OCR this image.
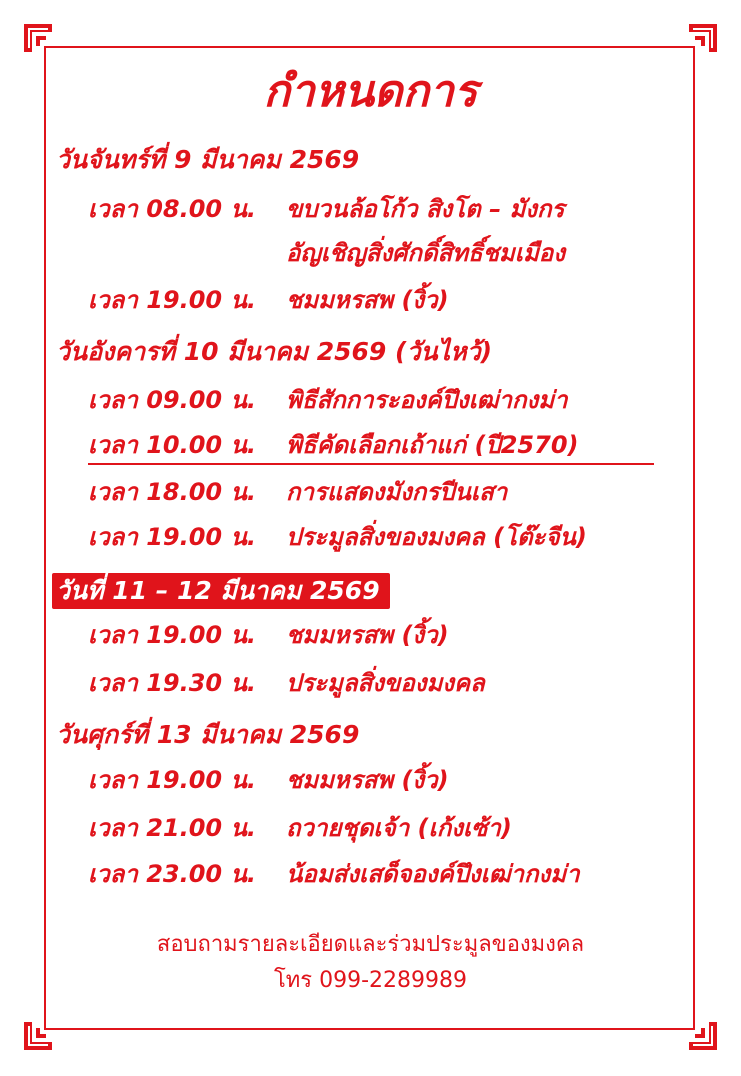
กำหนดการ
วันจันทร์ที่ 9 มีนาคม 2569
เวลา 08.00 น. ขบวนล้อโก้ว สิงโต – มังกร
อัญเชิญสิ่งศักดิ์สิทธิ์ชมเมือง
เวลา 19.00 น. ชมมหรสพ (งิ้ว)
วันอังคารที่ 10 มีนาคม 2569 (วันไหว้)
เวลา 09.00 น. พิธีสักการะองค์ปึงเฒ่ากงม่า
เวลา 10.00 น. พิธีคัดเลือกเถ้าแก่ (ปี2570)
เวลา 18.00 น. การแสดงมังกรปีนเสา
เวลา 19.00 น. ประมูลสิ่งของมงคล (โต๊ะจีน)
วันที่ 11 – 12 มีนาคม 2569
เวลา 19.00 น. ชมมหรสพ (งิ้ว)
เวลา 19.30 น. ประมูลสิ่งของมงคล
วันศุกร์ที่ 13 มีนาคม 2569
เวลา 19.00 น. ชมมหรสพ (งิ้ว)
เวลา 21.00 น. ถวายชุดเจ้า (เก้งเซ้า)
เวลา 23.00 น. น้อมส่งเสด็จองค์ปึงเฒ่ากงม่า
สอบถามรายละเอียดและร่วมประมูลของมงคล
โทร 099-2289989
